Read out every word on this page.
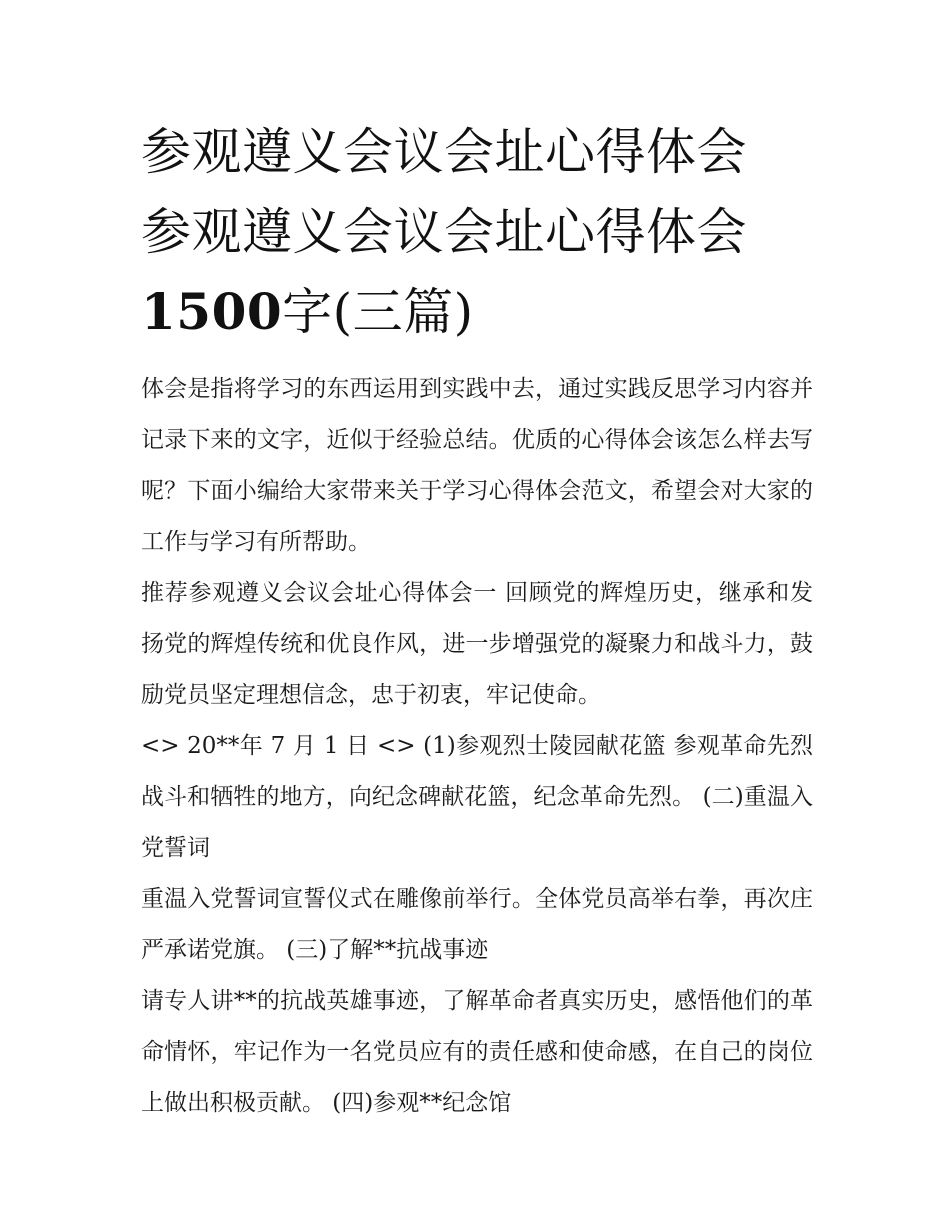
参观遵义会议会址心得体会 参观遵义会议会址心得体会1500字(三篇)

体会是指将学习的东西运用到实践中去，通过实践反思学习内容并记录下来的文字，近似于经验总结。优质的心得体会该怎么样去写呢？下面小编给大家带来关于学习心得体会范文，希望会对大家的工作与学习有所帮助。

推荐参观遵义会议会址心得体会一 回顾党的辉煌历史，继承和发扬党的辉煌传统和优良作风，进一步增强党的凝聚力和战斗力，鼓励党员坚定理想信念，忠于初衷，牢记使命。

<> 20**年 7 月 1 日 <> (1)参观烈士陵园献花篮 参观革命先烈战斗和牺牲的地方，向纪念碑献花篮，纪念革命先烈。 (二)重温入党誓词

重温入党誓词宣誓仪式在雕像前举行。全体党员高举右拳，再次庄严承诺党旗。 (三)了解**抗战事迹

请专人讲**的抗战英雄事迹，了解革命者真实历史，感悟他们的革命情怀，牢记作为一名党员应有的责任感和使命感，在自己的岗位上做出积极贡献。 (四)参观**纪念馆
